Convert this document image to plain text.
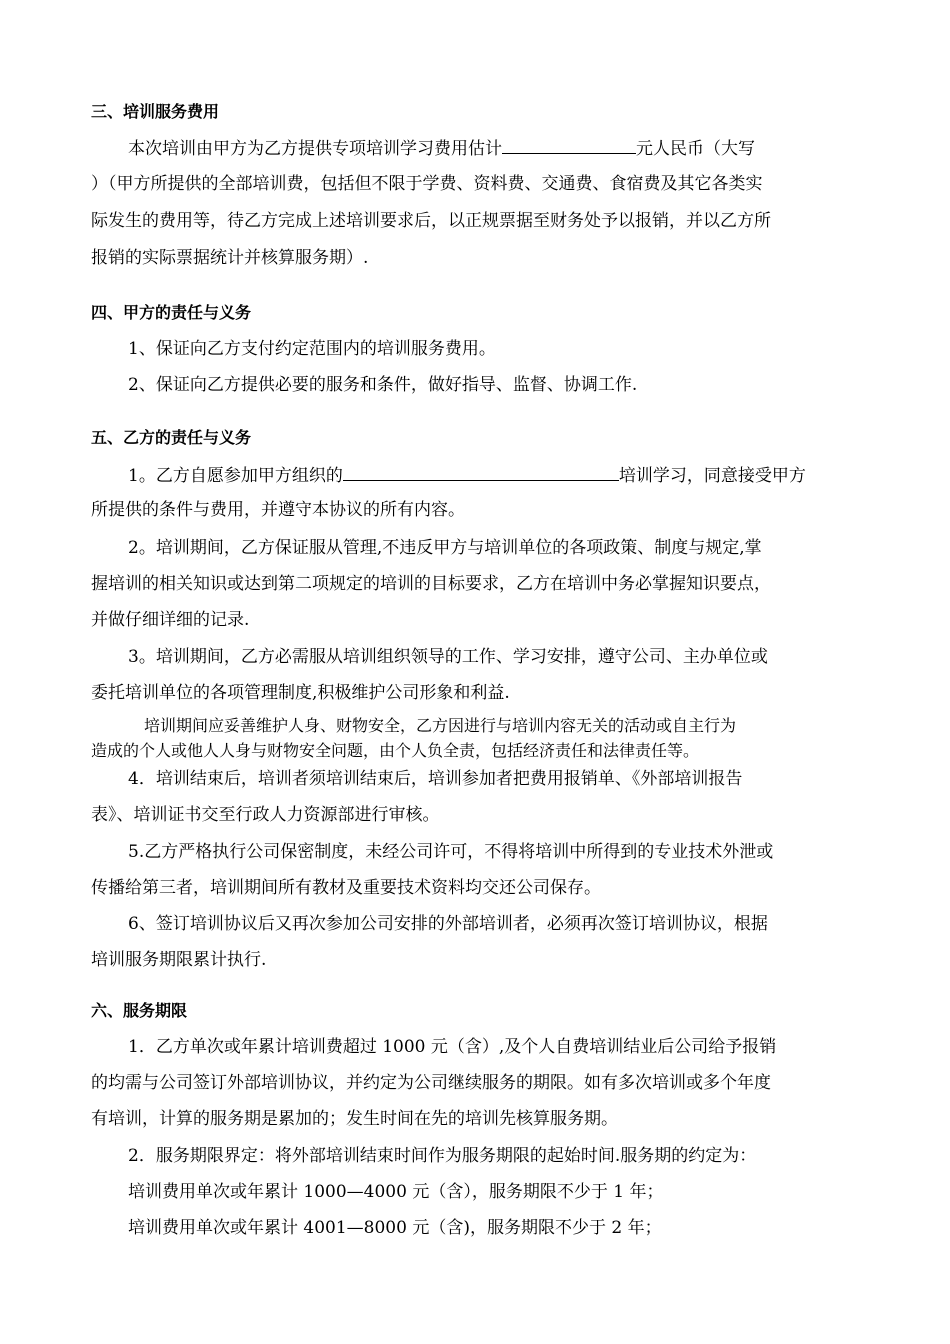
三、培训服务费用
本次培训由甲方为乙方提供专项培训学习费用估计	元人民币（大写
）（甲方所提供的全部培训费，包括但不限于学费、资料费、交通费、食宿费及其它各类实
际发生的费用等，待乙方完成上述培训要求后，以正规票据至财务处予以报销，并以乙方所
报销的实际票据统计并核算服务期）.
四、甲方的责任与义务
1、保证向乙方支付约定范围内的培训服务费用。
2、保证向乙方提供必要的服务和条件，做好指导、监督、协调工作.
五、乙方的责任与义务
1。乙方自愿参加甲方组织的	培训学习，同意接受甲方
所提供的条件与费用，并遵守本协议的所有内容。
2。培训期间，乙方保证服从管理,不违反甲方与培训单位的各项政策、制度与规定,掌
握培训的相关知识或达到第二项规定的培训的目标要求，乙方在培训中务必掌握知识要点，
并做仔细详细的记录.
3。培训期间，乙方必需服从培训组织领导的工作、学习安排，遵守公司、主办单位或
委托培训单位的各项管理制度,积极维护公司形象和利益.
培训期间应妥善维护人身、财物安全，乙方因进行与培训内容无关的活动或自主行为
造成的个人或他人人身与财物安全问题，由个人负全责，包括经济责任和法律责任等。
4．培训结束后，培训者须培训结束后，培训参加者把费用报销单、《外部培训报告
表》、培训证书交至行政人力资源部进行审核。
5.乙方严格执行公司保密制度，未经公司许可，不得将培训中所得到的专业技术外泄或
传播给第三者，培训期间所有教材及重要技术资料均交还公司保存。
6、签订培训协议后又再次参加公司安排的外部培训者，必须再次签订培训协议，根据
培训服务期限累计执行.
六、服务期限
1．乙方单次或年累计培训费超过 1000 元（含）,及个人自费培训结业后公司给予报销
的均需与公司签订外部培训协议，并约定为公司继续服务的期限。如有多次培训或多个年度
有培训，计算的服务期是累加的；发生时间在先的培训先核算服务期。
2．服务期限界定：将外部培训结束时间作为服务期限的起始时间.服务期的约定为：
培训费用单次或年累计 1000—4000 元（含），服务期限不少于 1 年；
培训费用单次或年累计 4001—8000 元（含)，服务期限不少于 2 年；
